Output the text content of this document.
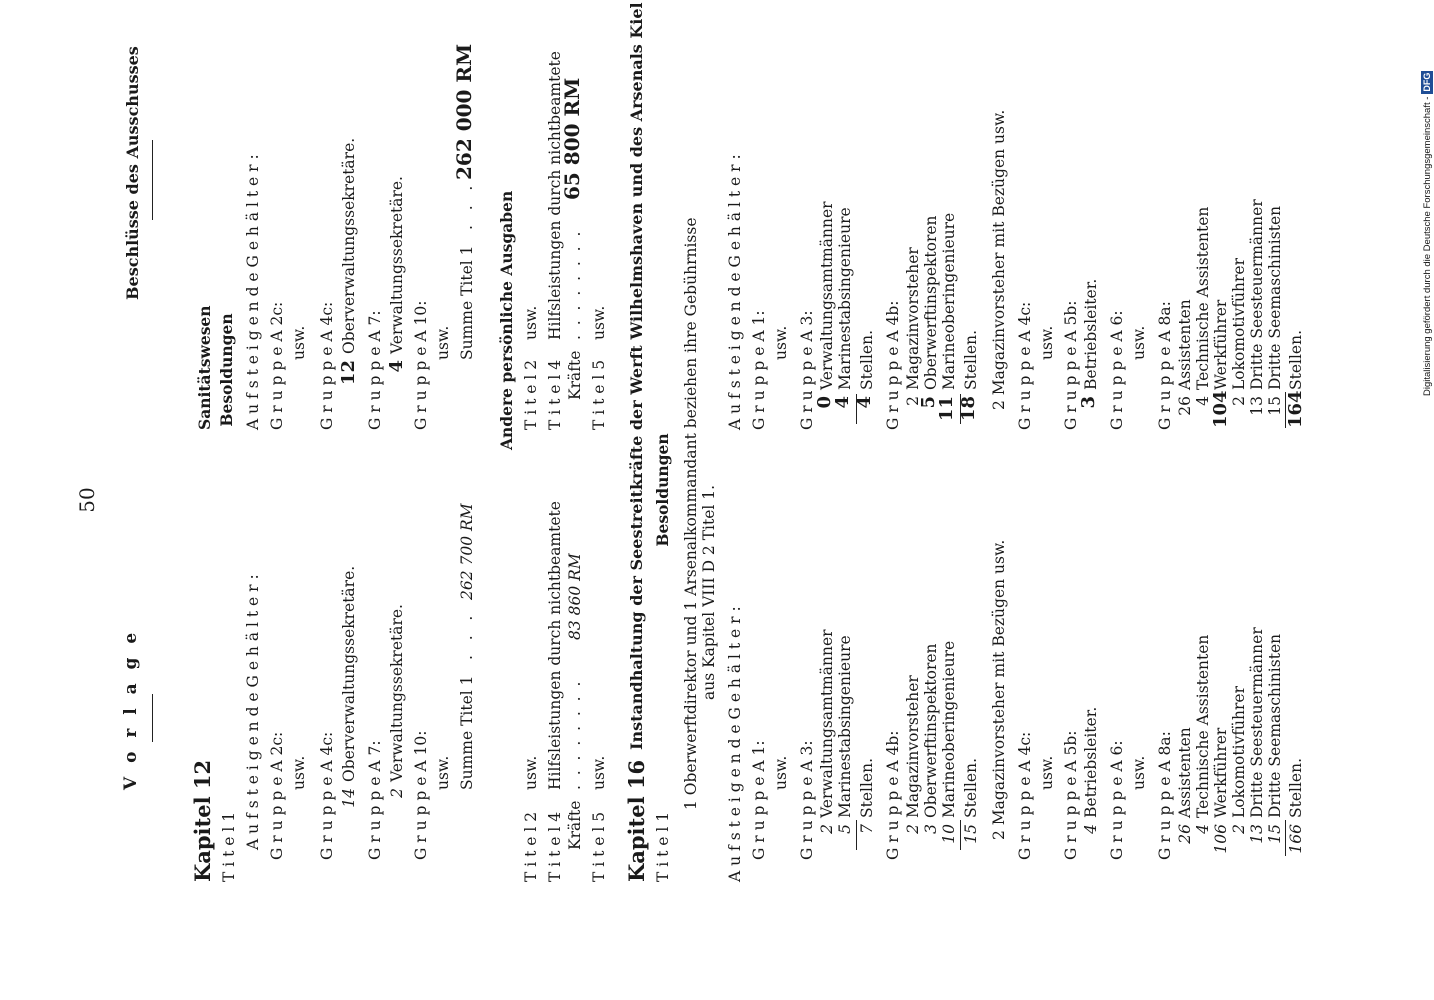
50
V o r l a g e
Beschlüsse des Ausschusses
Kapitel 12 T i t e l 1 A u f s t e i g e n d e G e h ä l t e r : G r u p p e A 2c: usw. G r u p p e A 4c: 14
Oberverwaltungssekretäre.
G r u p p e A 7: 2
Verwaltungssekretäre.
G r u p p e A 10: usw. Summe Titel 1
.   .   .
262 700 RM
T i t e l 2
usw.
T i t e l 4
Hilfsleistungen durch nichtbeamtete
Kräfte
.  .  .  .  .  .  .  .
83 860 RM
T i t e l 5
usw. Kapitel 16 T i t e l 1
1 Oberwerftdirektor und 1 Arsenalkommandant beziehen ihre Gebührnisse aus Kapitel VIII D 2 Titel 1.
A u f s t e i g e n d e G e h ä l t e r : G r u p p e A 1: usw. G r u p p e A 3: 2
Verwaltungsamtmänner
5
Marinestabsingenieure
7
Stellen. G r u p p e A 4b: 2
Magazinvorsteher
3
Oberwerftinspektoren
10
Marineoberingenieure
15
Stellen. 2 Magazinvorsteher mit Bezügen usw. G r u p p e A 4c: usw. G r u p p e A 5b: 4
Betriebsleiter. G r u p p e A 6: usw. G r u p p e A 8a: 26
Assistenten
4
Technische Assistenten
106
Werkführer
2
Lokomotivführer
13
Dritte Seesteuermänner
15
Dritte Seemaschinisten
166
Stellen.
Sanitätswesen Besoldungen A u f s t e i g e n d e G e h ä l t e r : G r u p p e A 2c: usw. G r u p p e A 4c: 12
Oberverwaltungssekretäre.
G r u p p e A 7: 4
Verwaltungssekretäre.
G r u p p e A 10: usw. Summe Titel 1
.   .   .
262 000 RM
Andere persönliche Ausgaben T i t e l 2
usw.
T i t e l 4
Hilfsleistungen durch nichtbeamtete
Kräfte
.  .  .  .  .  .  .  .
65 800 RM
T i t e l 5
usw. Instandhaltung der Seestreitkräfte der Werft Wilhelmshaven und des Arsenals Kiel Besoldungen
A u f s t e i g e n d e G e h ä l t e r : G r u p p e A 1: usw. G r u p p e A 3:
0
Verwaltungsamtmänner
4
Marinestabsingenieure
4
Stellen. G r u p p e A 4b: 2
Magazinvorsteher
5
Oberwerftinspektoren
11
Marineoberingenieure
18
Stellen. 2 Magazinvorsteher mit Bezügen usw. G r u p p e A 4c: usw. G r u p p e A 5b:
3
Betriebsleiter. G r u p p e A 6: usw. G r u p p e A 8a: 26
Assistenten
4
Technische Assistenten
104
Werkführer
2
Lokomotivführer
13
Dritte Seesteuermänner
15
Dritte Seemaschinisten
164
Stellen.	Digitalisierung gefördert durch die Deutsche Forschungsgemeinschaft -DFG
